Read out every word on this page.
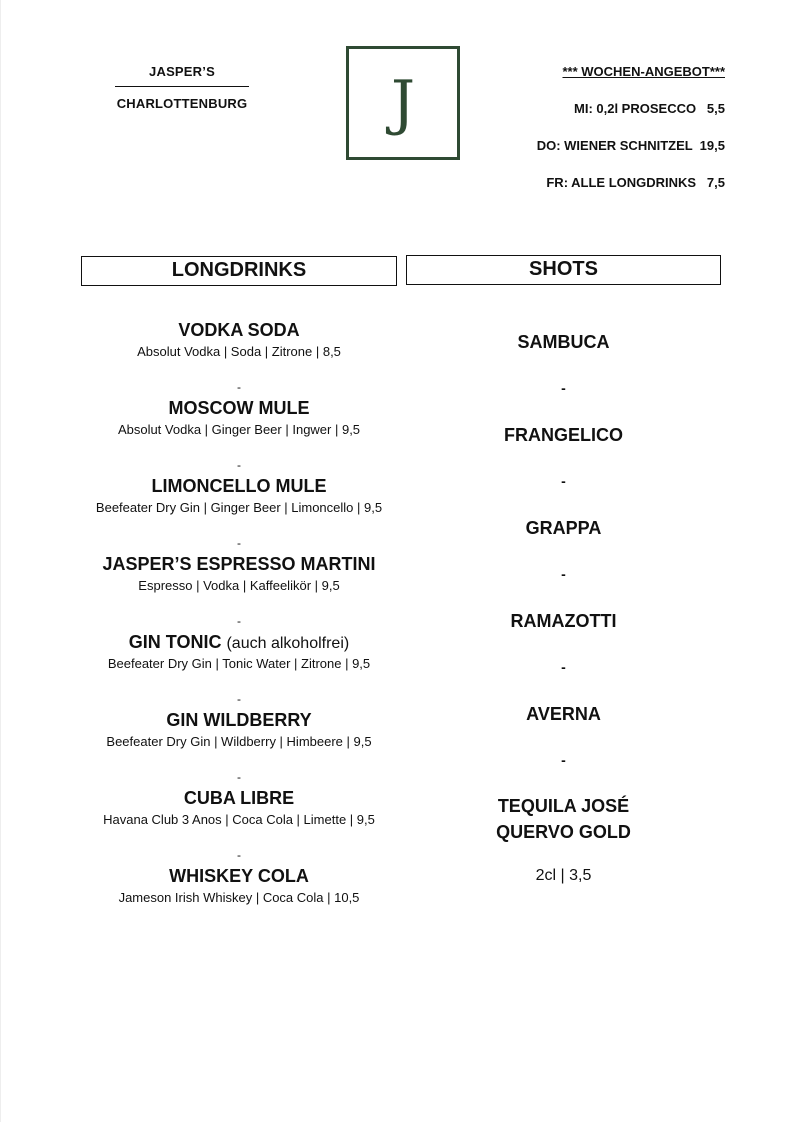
JASPER’S
CHARLOTTENBURG	J	*** WOCHEN-ANGEBOT***
MI: 0,2l PROSECCO   5,5
DO: WIENER SCHNITZEL  19,5
FR: ALLE LONGDRINKS   7,5
LONGDRINKS	SHOTS
VODKA SODA
Absolut Vodka | Soda | Zitrone | 8,5
-
MOSCOW MULE
Absolut Vodka | Ginger Beer | Ingwer | 9,5
-
LIMONCELLO MULE
Beefeater Dry Gin | Ginger Beer | Limoncello | 9,5
-
JASPER’S ESPRESSO MARTINI
Espresso | Vodka | Kaffeelikör | 9,5
-
GIN TONIC (auch alkoholfrei)
Beefeater Dry Gin | Tonic Water | Zitrone | 9,5
-
GIN WILDBERRY
Beefeater Dry Gin | Wildberry | Himbeere | 9,5
-
CUBA LIBRE
Havana Club 3 Anos | Coca Cola | Limette | 9,5
-
WHISKEY COLA
Jameson Irish Whiskey | Coca Cola | 10,5
SAMBUCA
-
FRANGELICO
-
GRAPPA
-
RAMAZOTTI
-
AVERNA
-
TEQUILA JOSÉ
QUERVO GOLD
2cl | 3,5
